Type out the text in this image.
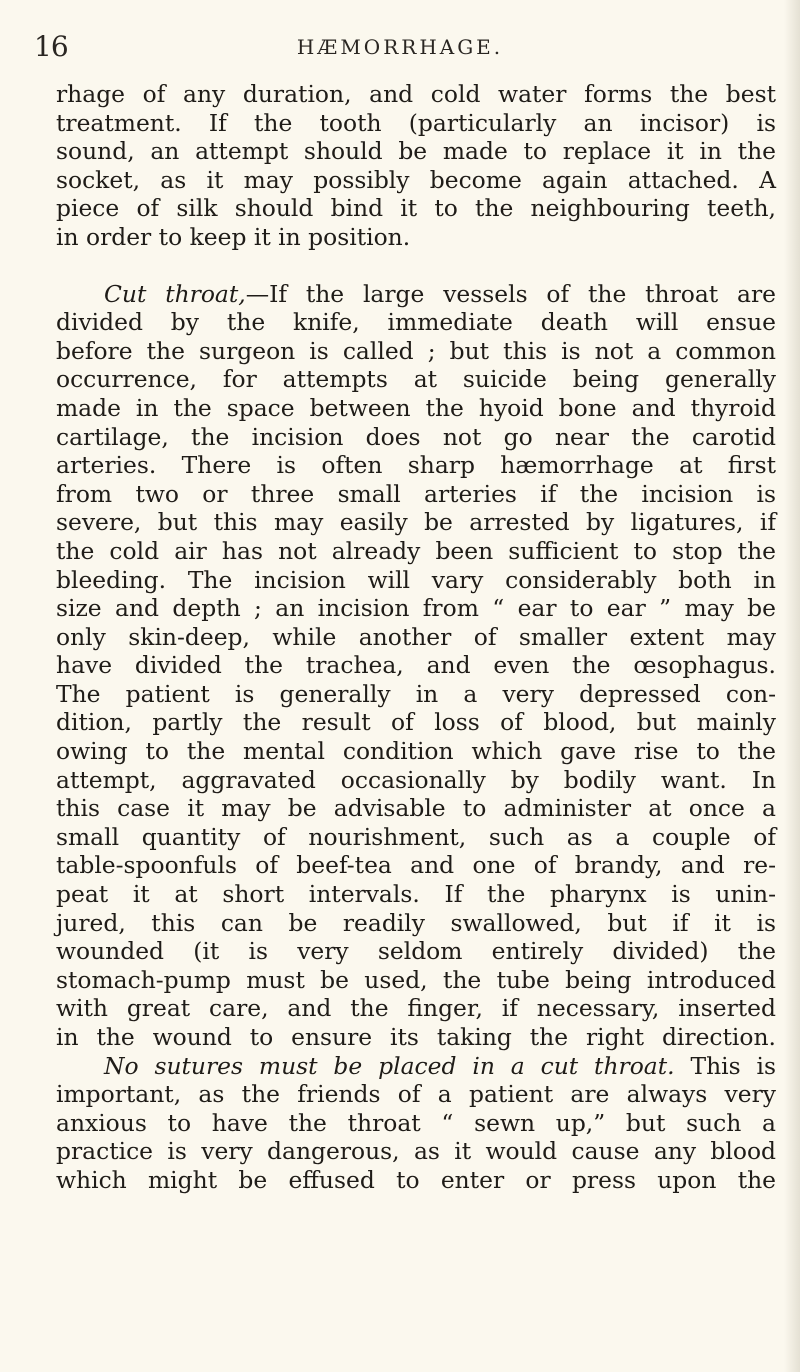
16	HÆMORRHAGE.
rhage of any duration, and cold water forms the best
treatment. If the tooth (particularly an incisor) is
sound, an attempt should be made to replace it in the
socket, as it may possibly become again attached. A
piece of silk should bind it to the neighbouring teeth,
in order to keep it in position.
Cut throat,—If the large vessels of the throat are
divided by the knife, immediate death will ensue
before the surgeon is called ; but this is not a common
occurrence, for attempts at suicide being generally
made in the space between the hyoid bone and thyroid
cartilage, the incision does not go near the carotid
arteries. There is often sharp hæmorrhage at first
from two or three small arteries if the incision is
severe, but this may easily be arrested by ligatures, if
the cold air has not already been sufficient to stop the
bleeding. The incision will vary considerably both in
size and depth ; an incision from “ ear to ear ” may be
only skin-deep, while another of smaller extent may
have divided the trachea, and even the œsophagus.
The patient is generally in a very depressed con-
dition, partly the result of loss of blood, but mainly
owing to the mental condition which gave rise to the
attempt, aggravated occasionally by bodily want. In
this case it may be advisable to administer at once a
small quantity of nourishment, such as a couple of
table-spoonfuls of beef-tea and one of brandy, and re-
peat it at short intervals. If the pharynx is unin-
jured, this can be readily swallowed, but if it is
wounded (it is very seldom entirely divided) the
stomach-pump must be used, the tube being introduced
with great care, and the finger, if necessary, inserted
in the wound to ensure its taking the right direction.
No sutures must be placed in a cut throat. This is
important, as the friends of a patient are always very
anxious to have the throat “ sewn up,” but such a
practice is very dangerous, as it would cause any blood
which might be effused to enter or press upon the
